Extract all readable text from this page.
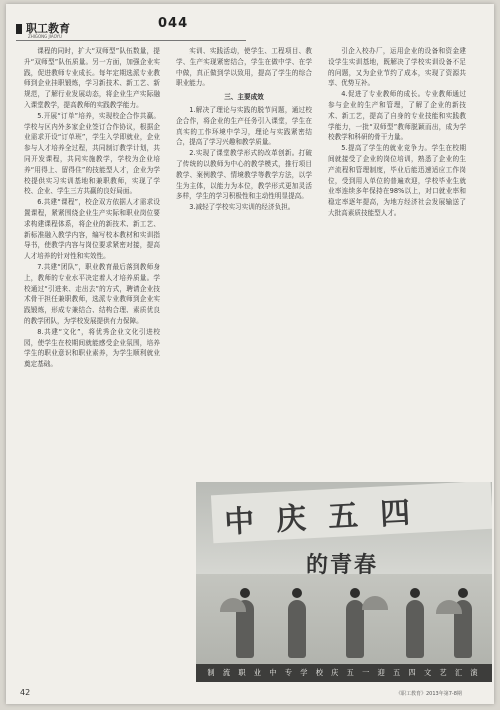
职工教育	044
ZHIGONG JIAOYU

课程的同时，扩大“双师型”队伍数量，提升“双师型”队伍质量。另一方面，加强企业实践，促进教师专业成长。每年定期选派专业教师到企业挂职锻炼，学习新技术、新工艺、新规范，了解行业发展动态，将企业生产实际融入课堂教学，提高教师的实践教学能力。

5.开展“订单”培养，实现校企合作共赢。学校与区内外多家企业签订合作协议，根据企业需求开设“订单班”，学生入学即就业，企业参与人才培养全过程，共同制订教学计划，共同开发课程，共同实施教学，学校为企业培养“用得上、留得住”的技能型人才，企业为学校提供实习实训基地和兼职教师，实现了学校、企业、学生三方共赢的良好局面。

6.共建“课程”，校企双方依据人才需求设置课程，紧紧围绕企业生产实际和职业岗位要求构建课程体系，将企业的新技术、新工艺、新标准融入教学内容，编写校本教材和实训指导书，使教学内容与岗位要求紧密对接，提高人才培养的针对性和实效性。

7.共建“团队”，职业教育最后落到教师身上，教师的专业水平决定着人才培养质量。学校通过“引进来、走出去”的方式，聘请企业技术骨干担任兼职教师，选派专业教师到企业实践锻炼，形成专兼结合、结构合理、素质优良的教学团队，为学校发展提供有力保障。

8.共建“文化”，将优秀企业文化引进校园，使学生在校期间就能感受企业氛围，培养学生的职业意识和职业素养，为学生顺利就业奠定基础。

实训、实践活动，使学生、工程项目、教学、生产实现紧密结合，学生在做中学、在学中做，真正做到学以致用，提高了学生的综合职业能力。

三、主要成效

1.解决了理论与实践的脱节问题，通过校企合作，将企业的生产任务引入课堂，学生在真实的工作环境中学习，理论与实践紧密结合，提高了学习兴趣和教学质量。

2.实现了课堂教学形式的改革创新。打破了传统的以教师为中心的教学模式，推行项目教学、案例教学、情境教学等教学方法，以学生为主体，以能力为本位，教学形式更加灵活多样，学生的学习积极性和主动性明显提高。

3.减轻了学校实习实训的经济负担。

引企入校办厂，运用企业的设备和资金建设学生实训基地，既解决了学校实训设备不足的问题，又为企业节约了成本，实现了资源共享、优势互补。

4.促进了专业教师的成长。专业教师通过参与企业的生产和管理，了解了企业的新技术、新工艺，提高了自身的专业技能和实践教学能力，一批“双师型”教师脱颖而出，成为学校教学和科研的骨干力量。

5.提高了学生的就业竞争力。学生在校期间就接受了企业的岗位培训，熟悉了企业的生产流程和管理制度，毕业后能迅速适应工作岗位，受到用人单位的普遍欢迎，学校毕业生就业率连续多年保持在98%以上，对口就业率和稳定率逐年提高，为地方经济社会发展输送了大批高素质技能型人才。

中庆五四
的青春
制 流 职 业 中 专 学 校 庆 五 一 迎 五 四 文 艺 汇 演
42	《职工教育》2013年第7-8期
